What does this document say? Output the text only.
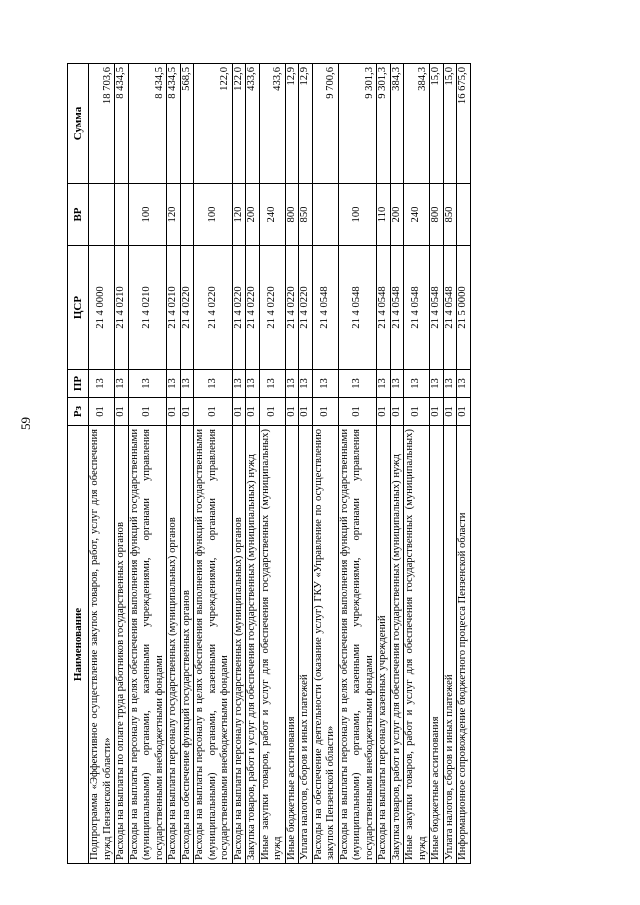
59
Наименование	Рз	ПР	ЦСР	ВР	Сумма
Подпрограмма «Эффективное осуществление закупок товаров, работ, услуг для обеспечения нужд Пензенской области»	01	13	21 4 0000		18 703,6
Расходы на выплаты по оплате труда работников государственных органов	01	13	21 4 0210		8 434,5
Расходы на выплаты персоналу в целях обеспечения выполнения функций государственными (муниципальными) органами, казенными учреждениями, органами управления государственными внебюджетными фондами	01	13	21 4 0210	100	8 434,5
Расходы на выплаты персоналу государственных (муниципальных) органов	01	13	21 4 0210	120	8 434,5
Расходы на обеспечение функций государственных органов	01	13	21 4 0220		568,5
Расходы на выплаты персоналу в целях обеспечения выполнения функций государственными (муниципальными) органами, казенными учреждениями, органами управления государственными внебюджетными фондами	01	13	21 4 0220	100	122,0
Расходы на выплаты персоналу государственных (муниципальных) органов	01	13	21 4 0220	120	122,0
Закупка товаров, работ и услуг для обеспечения государственных (муниципальных) нужд	01	13	21 4 0220	200	433,6
Иные закупки товаров, работ и услуг для обеспечения государственных (муниципальных) нужд	01	13	21 4 0220	240	433,6
Иные бюджетные ассигнования	01	13	21 4 0220	800	12,9
Уплата налогов, сборов и иных платежей	01	13	21 4 0220	850	12,9
Расходы на обеспечение деятельности (оказание услуг) ГКУ «Управление по осуществлению закупок Пензенской области»	01	13	21 4 0548		9 700,6
Расходы на выплаты персоналу в целях обеспечения выполнения функций государственными (муниципальными) органами, казенными учреждениями, органами управления государственными внебюджетными фондами	01	13	21 4 0548	100	9 301,3
Расходы на выплаты персоналу казенных учреждений	01	13	21 4 0548	110	9 301,3
Закупка товаров, работ и услуг для обеспечения государственных (муниципальных) нужд	01	13	21 4 0548	200	384,3
Иные закупки товаров, работ и услуг для обеспечения государственных (муниципальных) нужд	01	13	21 4 0548	240	384,3
Иные бюджетные ассигнования	01	13	21 4 0548	800	15,0
Уплата налогов, сборов и иных платежей	01	13	21 4 0548	850	15,0
Информационное сопровождение бюджетного процесса Пензенской области	01	13	21 5 0000		16 675,0
